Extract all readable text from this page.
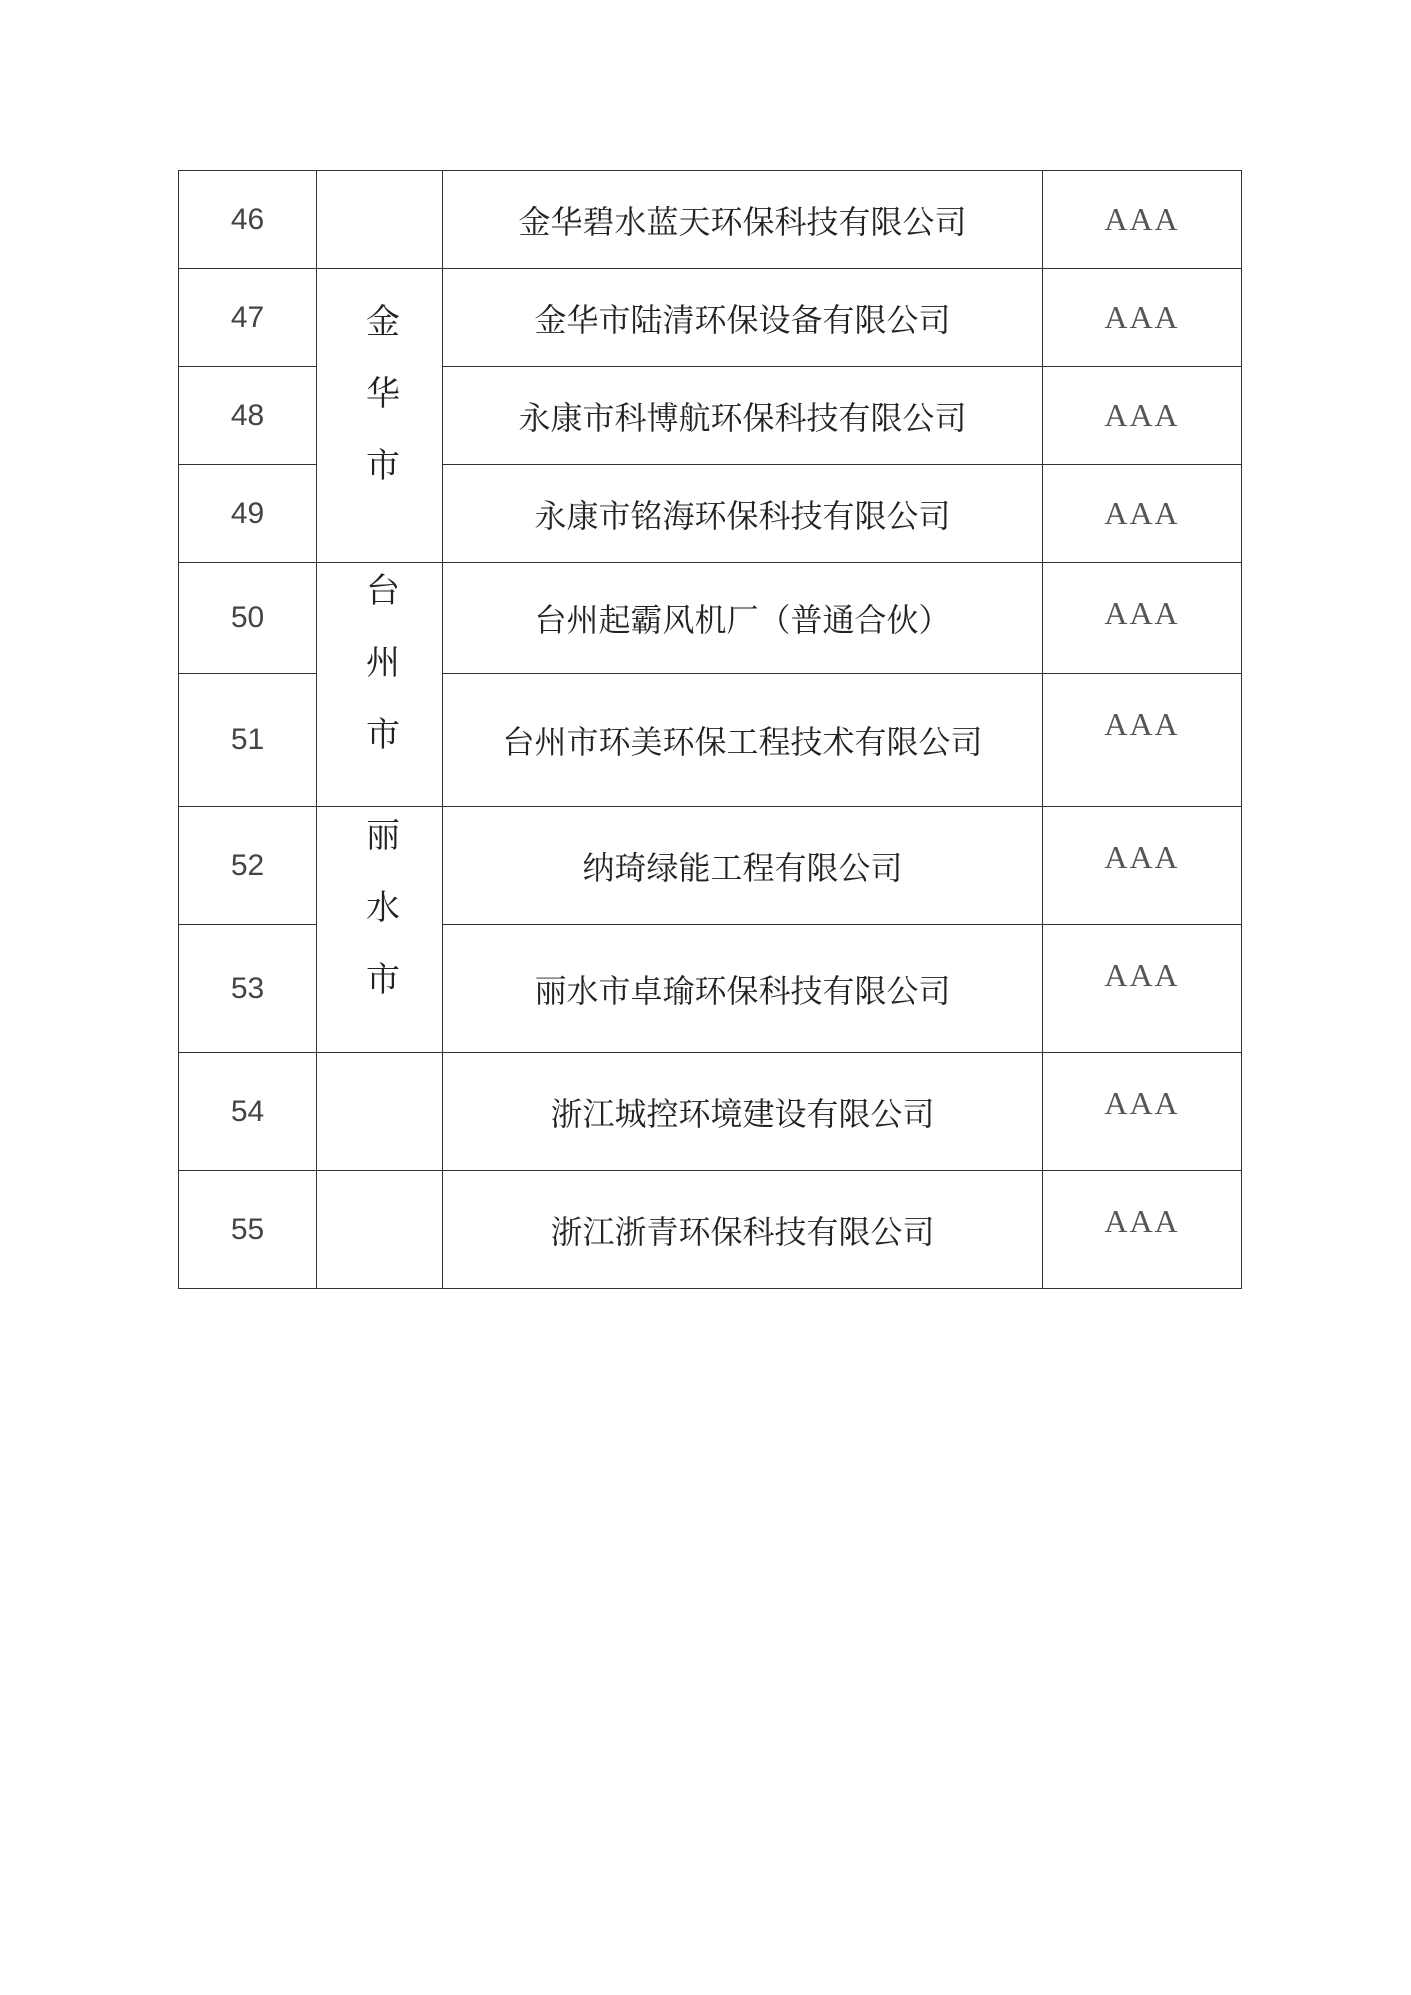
46		金华碧水蓝天环保科技有限公司	AAA
47	金华市	金华市陆清环保设备有限公司	AAA
48		永康市科博航环保科技有限公司	AAA
49		永康市铭海环保科技有限公司	AAA
50	台州市	台州起霸风机厂（普通合伙）	AAA
51		台州市环美环保工程技术有限公司	AAA
52	丽水市	纳琦绿能工程有限公司	AAA
53		丽水市卓瑜环保科技有限公司	AAA
54		浙江城控环境建设有限公司	AAA
55		浙江浙青环保科技有限公司	AAA
